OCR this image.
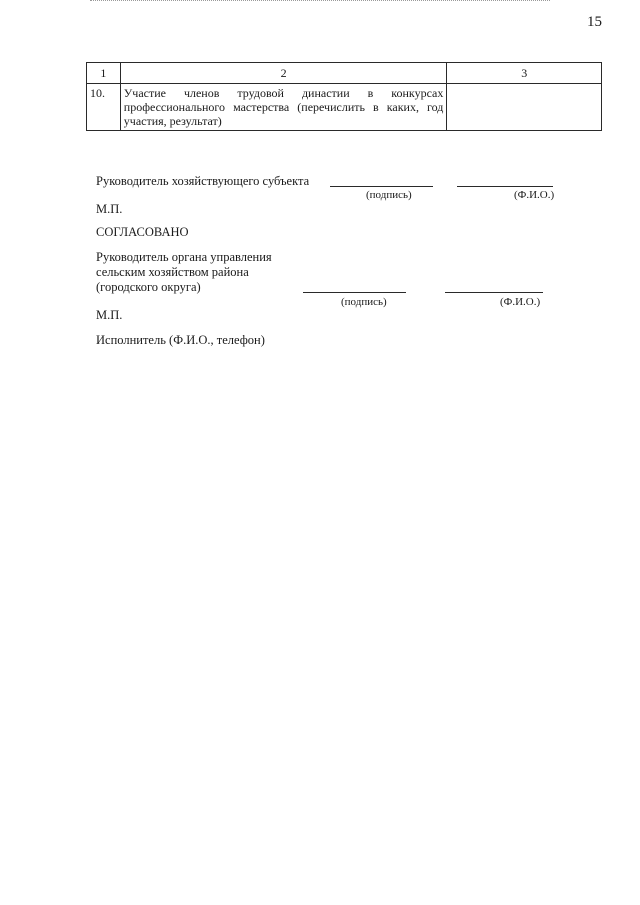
15
1	2	3
10.	Участие членов трудовой династии в конкурсах профессионального мастерства (перечислить в каких, год участия, результат)	
Руководитель хозяйствующего субъекта
(подпись)	(Ф.И.О.)
М.П.
СОГЛАСОВАНО
Руководитель органа управления
сельским хозяйством района
(городского округа)
(подпись)	(Ф.И.О.)
М.П.
Исполнитель (Ф.И.О., телефон)
